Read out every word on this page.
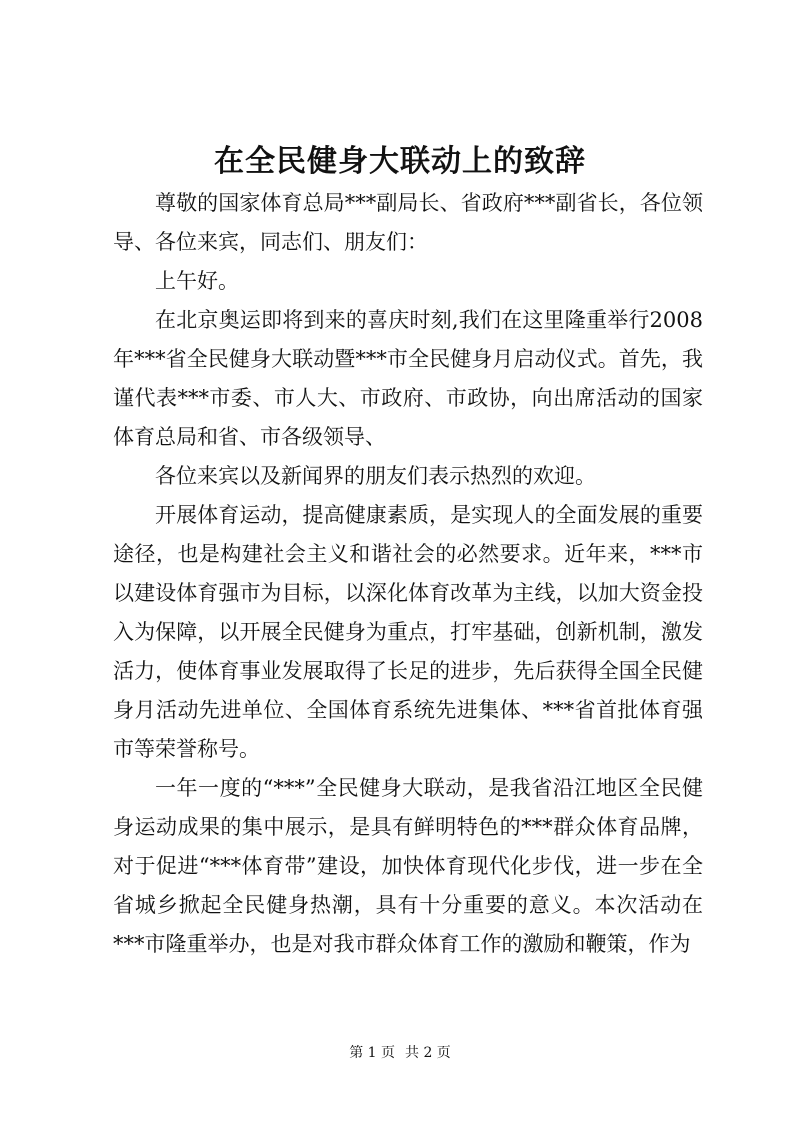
在全民健身大联动上的致辞

尊敬的国家体育总局***副局长、省政府***副省长，各位领导、各位来宾，同志们、朋友们：

上午好。

在北京奥运即将到来的喜庆时刻,我们在这里隆重举行2008年***省全民健身大联动暨***市全民健身月启动仪式。首先，我谨代表***市委、市人大、市政府、市政协，向出席活动的国家体育总局和省、市各级领导、

各位来宾以及新闻界的朋友们表示热烈的欢迎。

开展体育运动，提高健康素质，是实现人的全面发展的重要途径，也是构建社会主义和谐社会的必然要求。近年来，***市以建设体育强市为目标，以深化体育改革为主线，以加大资金投入为保障，以开展全民健身为重点，打牢基础，创新机制，激发活力，使体育事业发展取得了长足的进步，先后获得全国全民健身月活动先进单位、全国体育系统先进集体、***省首批体育强市等荣誉称号。

一年一度的“***”全民健身大联动，是我省沿江地区全民健身运动成果的集中展示，是具有鲜明特色的***群众体育品牌，对于促进“***体育带”建设，加快体育现代化步伐，进一步在全省城乡掀起全民健身热潮，具有十分重要的意义。本次活动在***市隆重举办，也是对我市群众体育工作的激励和鞭策，作为

第 1 页 共 2 页
